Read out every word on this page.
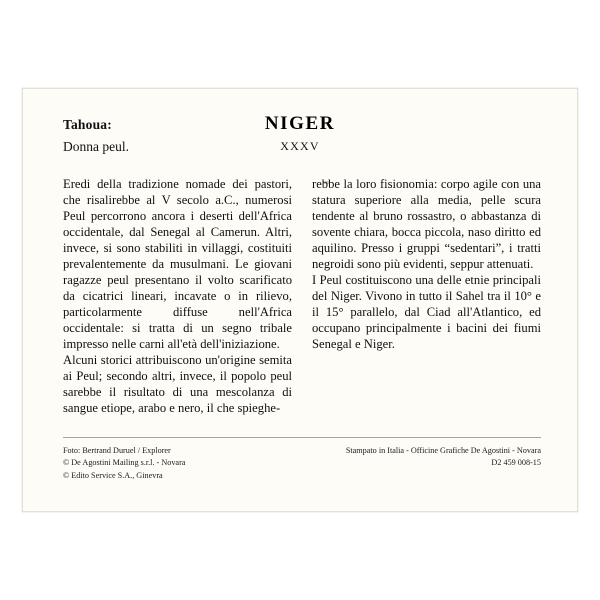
Tahoua:
Donna peul.
NIGER
XXXV

Eredi della tradizione nomade dei pastori, che risalirebbe al V secolo a.C., numerosi Peul percorrono ancora i deserti dell'Africa occidentale, dal Senegal al Camerun. Altri, invece, si sono stabiliti in villaggi, costituiti prevalentemente da musulmani. Le giovani ragazze peul presentano il volto scarificato da cicatrici lineari, incavate o in rilievo, particolarmente diffuse nell'Africa occidentale: si tratta di un segno tribale impresso nelle carni all'età dell'iniziazione.

Alcuni storici attribuiscono un'origine semita ai Peul; secondo altri, invece, il popolo peul sarebbe il risultato di una mescolanza di sangue etiope, arabo e nero, il che spieghe-

rebbe la loro fisionomia: corpo agile con una statura superiore alla media, pelle scura tendente al bruno rossastro, o abbastanza di sovente chiara, bocca piccola, naso diritto ed aquilino. Presso i gruppi “sedentari”, i tratti negroidi sono più evidenti, seppur attenuati.

I Peul costituiscono una delle etnie principali del Niger. Vivono in tutto il Sahel tra il 10° e il 15° parallelo, dal Ciad all'Atlantico, ed occupano principalmente i bacini dei fiumi Senegal e Niger.

Foto: Bertrand Duruel / Explorer
© De Agostini Mailing s.r.l. - Novara
© Edito Service S.A., Ginevra
Stampato in Italia - Officine Grafiche De Agostini - Novara
D2 459 008-15
